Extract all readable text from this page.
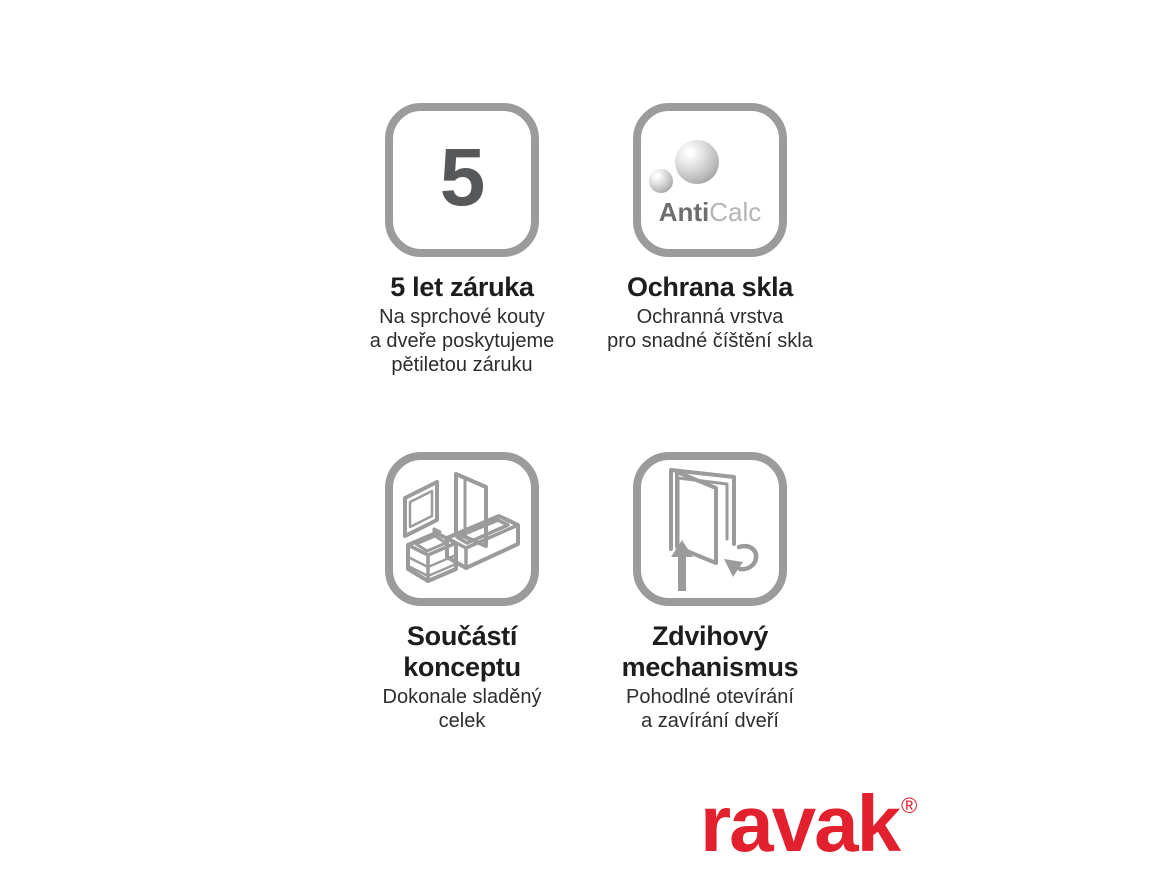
5
5 let záruka
Na sprchové kouty
a dveře poskytujeme
pětiletou záruku
AntiCalc
Ochrana skla
Ochranná vrstva
pro snadné číštění skla
Součástí
konceptu
Dokonale sladěný
celek
Zdvihový
mechanismus
Pohodlné otevírání
a zavírání dveří
ravak®
